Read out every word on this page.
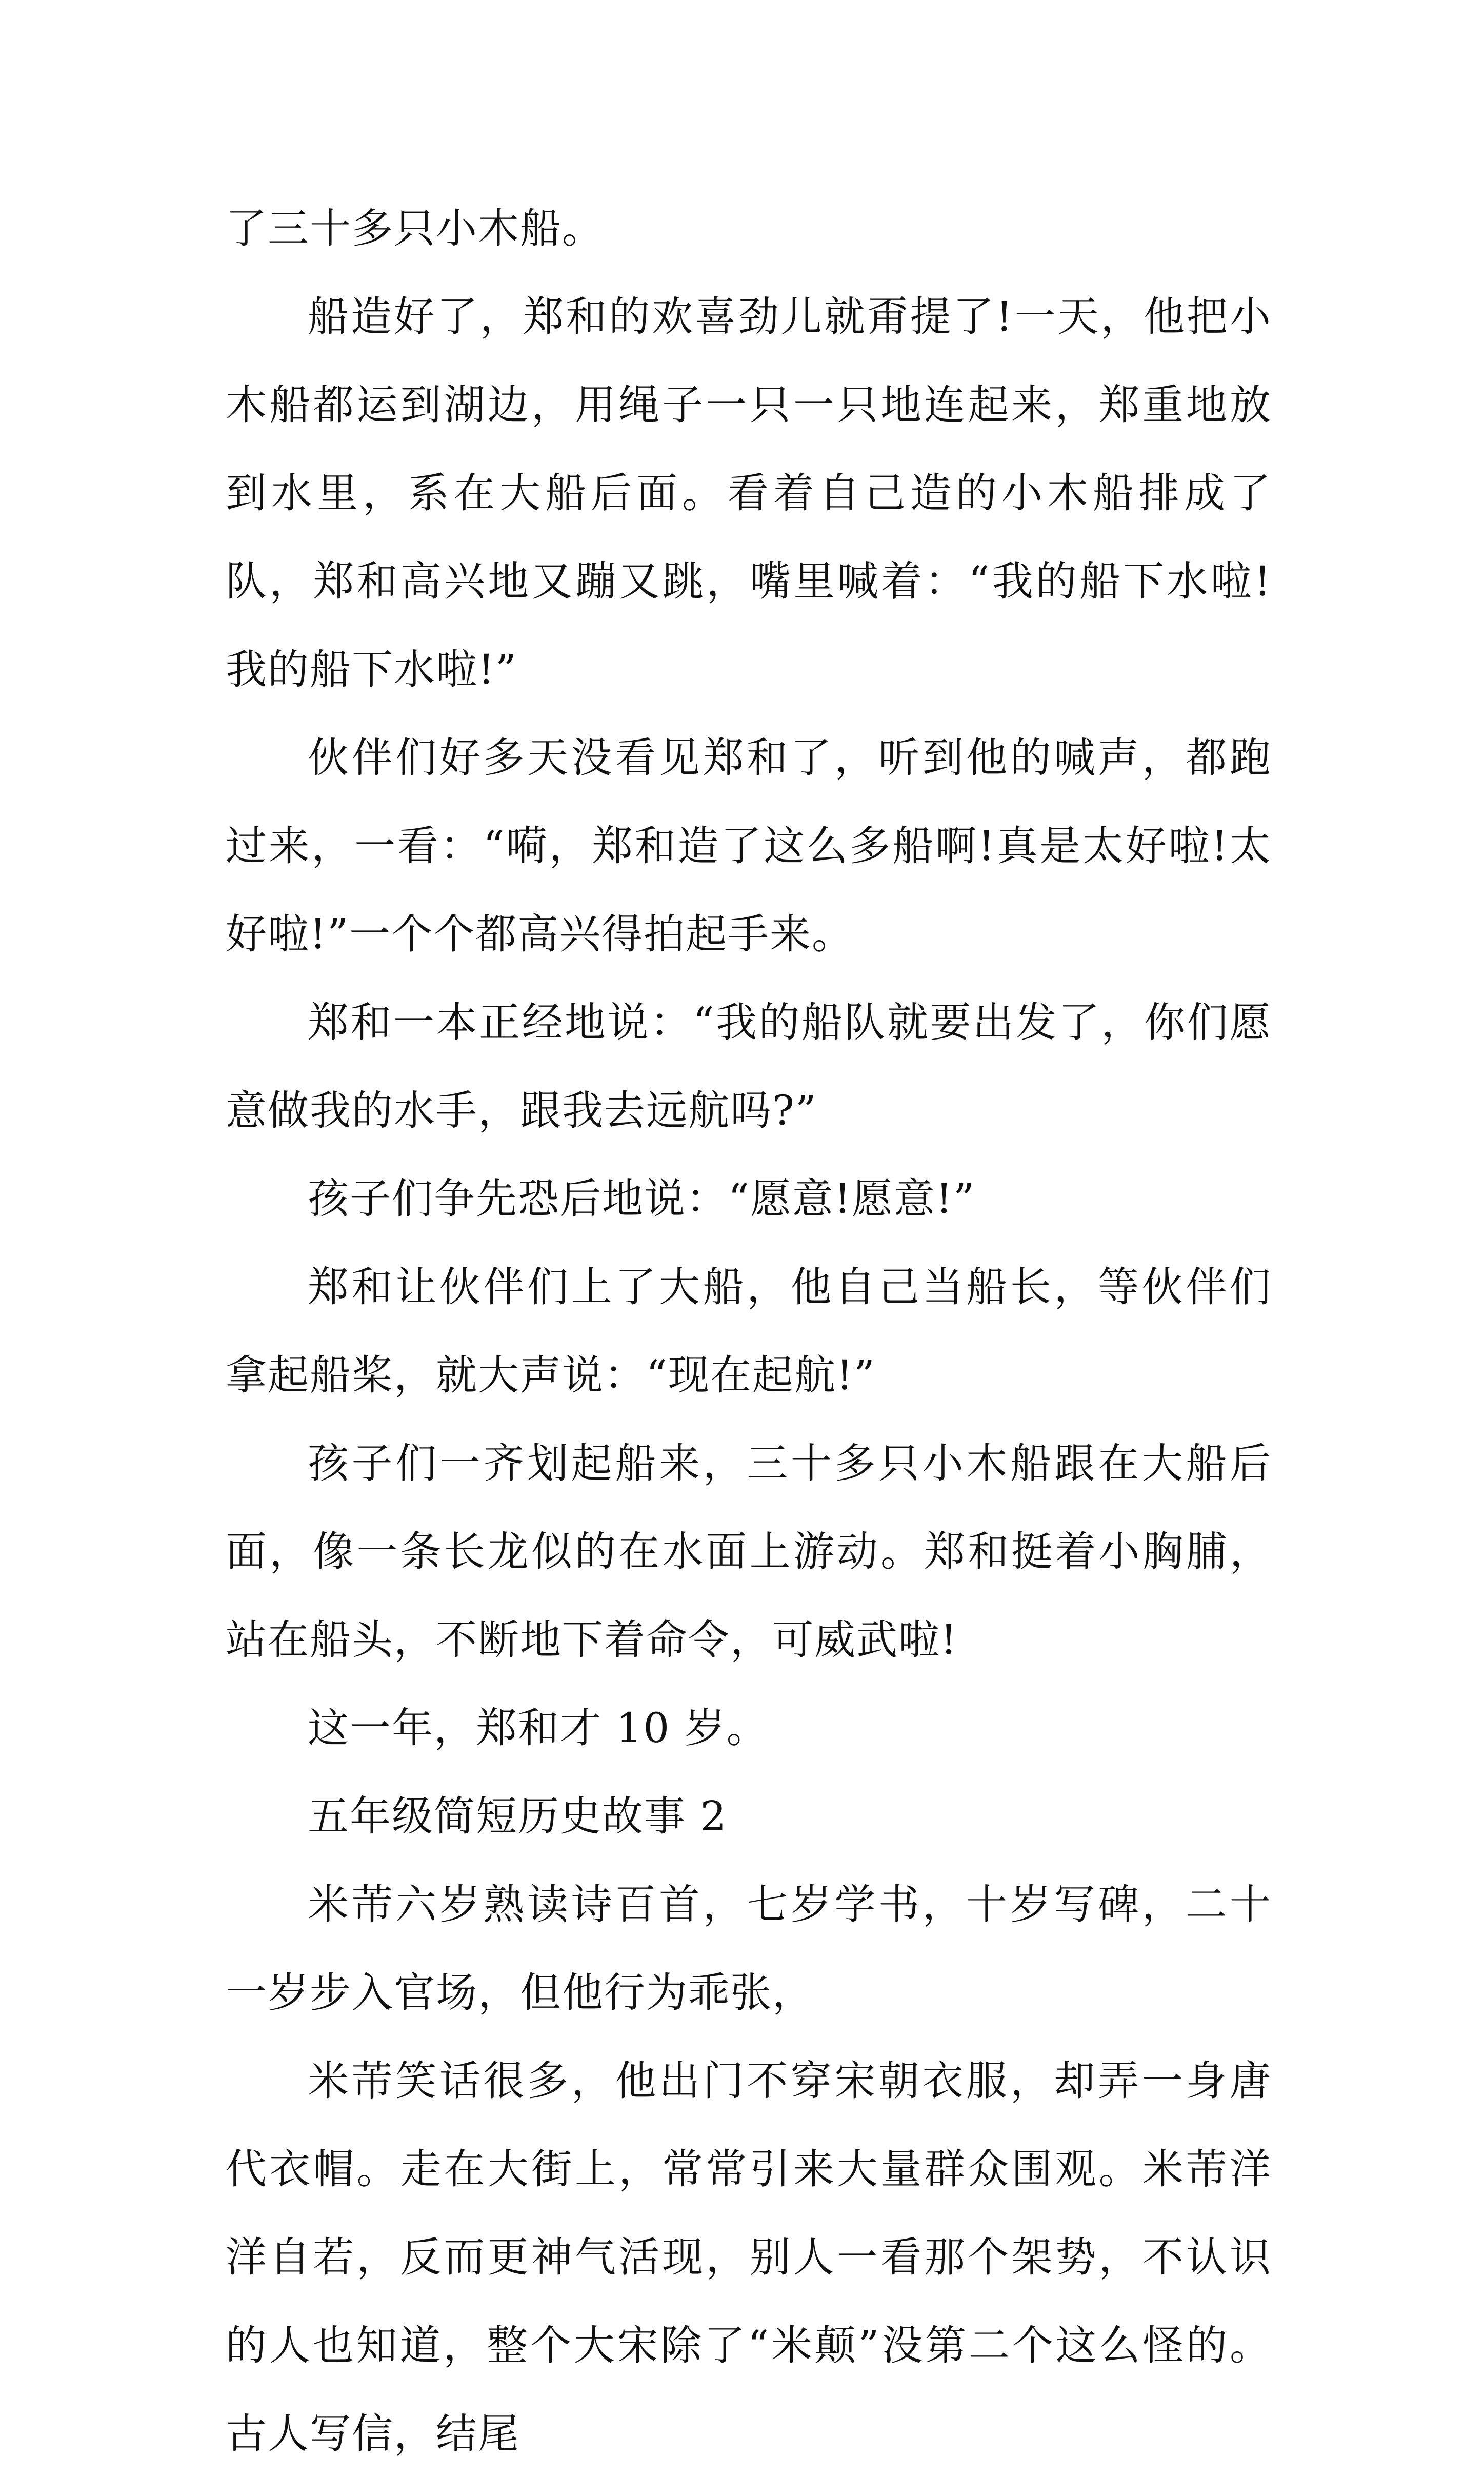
了三十多只小木船。

船造好了，郑和的欢喜劲儿就甭提了!一天，他把小木船都运到湖边，用绳子一只一只地连起来，郑重地放到水里，系在大船后面。看着自己造的小木船排成了队，郑和高兴地又蹦又跳，嘴里喊着：“我的船下水啦!我的船下水啦!”

伙伴们好多天没看见郑和了，听到他的喊声，都跑过来，一看：“嗬，郑和造了这么多船啊!真是太好啦!太好啦!”一个个都高兴得拍起手来。

郑和一本正经地说：“我的船队就要出发了，你们愿意做我的水手，跟我去远航吗?”

孩子们争先恐后地说：“愿意!愿意!”

郑和让伙伴们上了大船，他自己当船长，等伙伴们拿起船桨，就大声说：“现在起航!”

孩子们一齐划起船来，三十多只小木船跟在大船后面，像一条长龙似的在水面上游动。郑和挺着小胸脯，站在船头，不断地下着命令，可威武啦!

这一年，郑和才 10 岁。

五年级简短历史故事 2

米芾六岁熟读诗百首，七岁学书，十岁写碑，二十一岁步入官场，但他行为乖张，

米芾笑话很多，他出门不穿宋朝衣服，却弄一身唐代衣帽。走在大街上，常常引来大量群众围观。米芾洋洋自若，反而更神气活现，别人一看那个架势，不认识的人也知道，整个大宋除了“米颠”没第二个这么怪的。古人写信，结尾
